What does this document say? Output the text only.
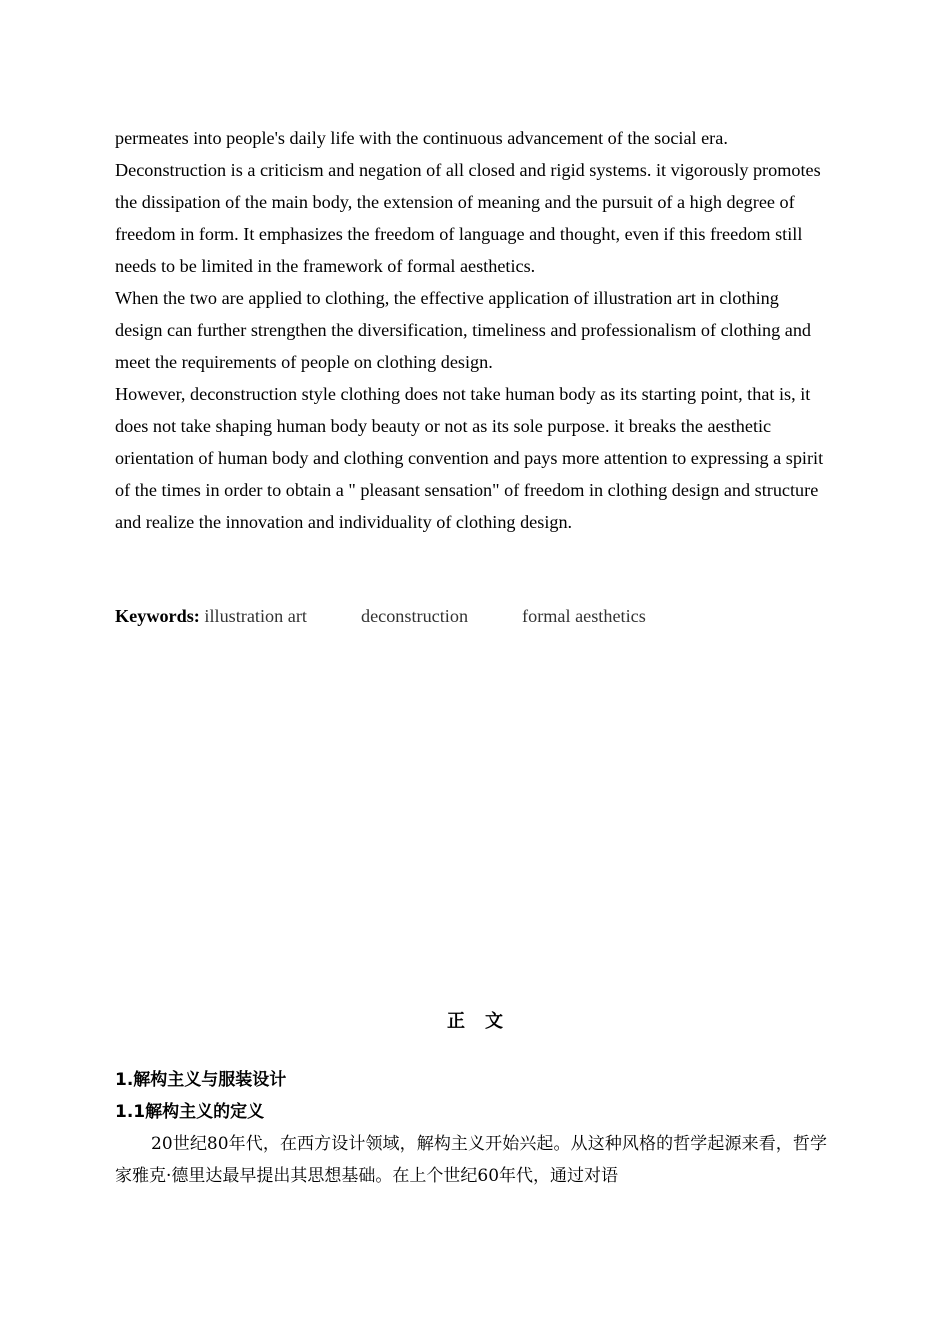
permeates into people's daily life with the continuous advancement of the social era. Deconstruction is a criticism and negation of all closed and rigid systems. it vigorously promotes the dissipation of the main body, the extension of meaning and the pursuit of a high degree of freedom in form. It emphasizes the freedom of language and thought, even if this freedom still needs to be limited in the framework of formal aesthetics.

When the two are applied to clothing, the effective application of illustration art in clothing design can further strengthen the diversification, timeliness and professionalism of clothing and meet the requirements of people on clothing design.

However, deconstruction style clothing does not take human body as its starting point, that is, it does not take shaping human body beauty or not as its sole purpose. it breaks the aesthetic orientation of human body and clothing convention and pays more attention to expressing a spirit of the times in order to obtain a " pleasant sensation" of freedom in clothing design and structure and realize the innovation and individuality of clothing design.

Keywords: illustration art	deconstruction	formal aesthetics
正文
1.解构主义与服装设计
1.1解构主义的定义

20世纪80年代，在西方设计领域，解构主义开始兴起。从这种风格的哲学起源来看，哲学家雅克·德里达最早提出其思想基础。在上个世纪60年代，通过对语
